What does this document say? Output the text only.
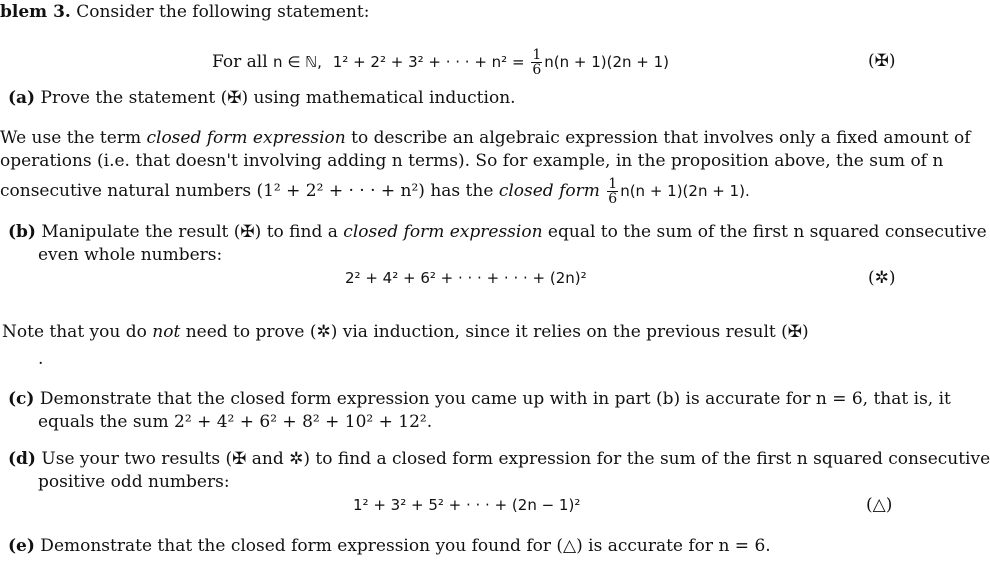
blem 3. Consider the following statement:
For all n ∈ ℕ, 1² + 2² + 3² + · · · + $n^2 = \frac{1}{6} n(n + 1)(2n + 1)$	(✠)
(a) Prove the statement (✠) using mathematical induction.
We use the term closed form expression to describe an algebraic expression that involves only a fixed amount of
operations (i.e. that doesn't involving adding n terms). So for example, in the proposition above, the sum of n
consecutive natural numbers (1² + 2² + · · · + n²) has the closed form $\frac{1}{6} n(n + 1)(2n + 1)$.
(b) Manipulate the result (✠) to find a closed form expression equal to the sum of the first n squared consecutive
even whole numbers:
2² + 4² + 6² + · · · + · · · + (2n)²	(✲)
Note that you do not need to prove (✲) via induction, since it relies on the previous result (✠)
.
(c) Demonstrate that the closed form expression you came up with in part (b) is accurate for n = 6, that is, it
equals the sum 2² + 4² + 6² + 8² + 10² + 12².
(d) Use your two results (✠ and ✲) to find a closed form expression for the sum of the first n squared consecutive
positive odd numbers:
1² + 3² + 5² + · · · + (2n − 1)²	(△)
(e) Demonstrate that the closed form expression you found for (△) is accurate for n = 6.
